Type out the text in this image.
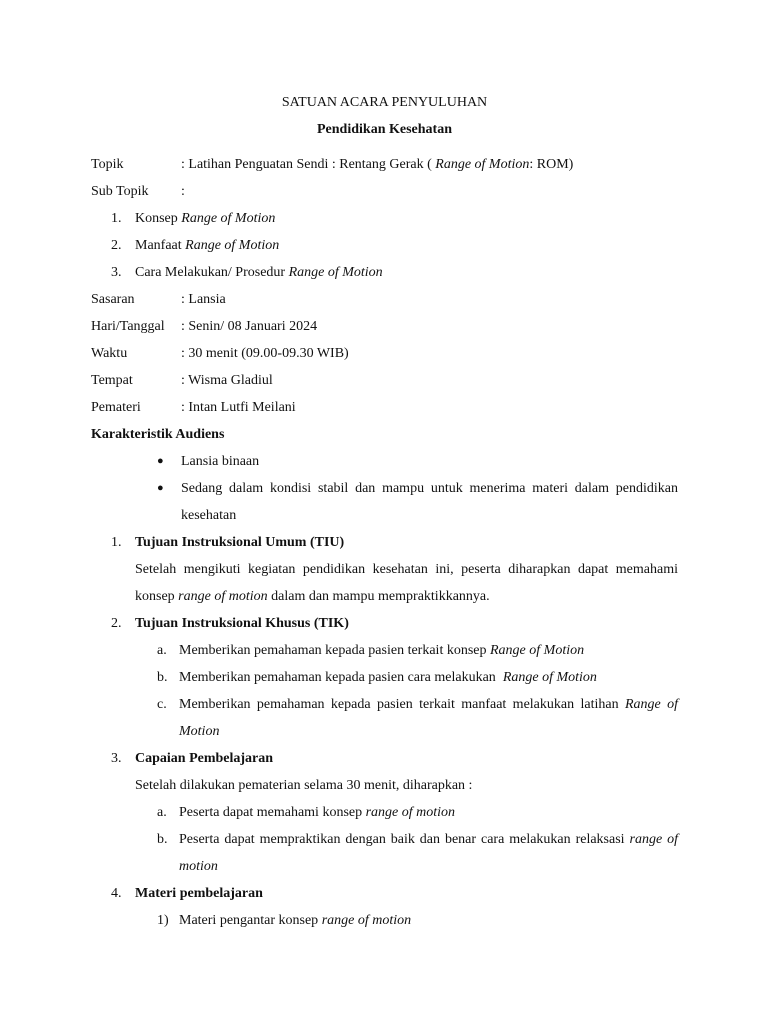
SATUAN ACARA PENYULUHAN

Pendidikan Kesehatan

Topik	: Latihan Penguatan Sendi : Rentang Gerak ( Range of Motion: ROM)
Sub Topik	:
1. Konsep Range of Motion
2. Manfaat Range of Motion
3. Cara Melakukan/ Prosedur Range of Motion
Sasaran	: Lansia
Hari/Tanggal	: Senin/ 08 Januari 2024
Waktu	: 30 menit (09.00-09.30 WIB)
Tempat	: Wisma Gladiul
Pemateri	: Intan Lutfi Meilani
Karakteristik Audiens
●	Lansia binaan
●	Sedang dalam kondisi stabil dan mampu untuk menerima materi dalam pendidikan kesehatan
1. Tujuan Instruksional Umum (TIU)
Setelah mengikuti kegiatan pendidikan kesehatan ini, peserta diharapkan dapat memahami konsep range of motion dalam dan mampu mempraktikkannya.
2. Tujuan Instruksional Khusus (TIK)
a. Memberikan pemahaman kepada pasien terkait konsep Range of Motion
b. Memberikan pemahaman kepada pasien cara melakukan  Range of Motion
c. Memberikan pemahaman kepada pasien terkait manfaat melakukan latihan Range of Motion
3. Capaian Pembelajaran
Setelah dilakukan pematerian selama 30 menit, diharapkan :
a. Peserta dapat memahami konsep range of motion
b. Peserta dapat mempraktikan dengan baik dan benar cara melakukan relaksasi range of motion
4. Materi pembelajaran
1) Materi pengantar konsep range of motion
